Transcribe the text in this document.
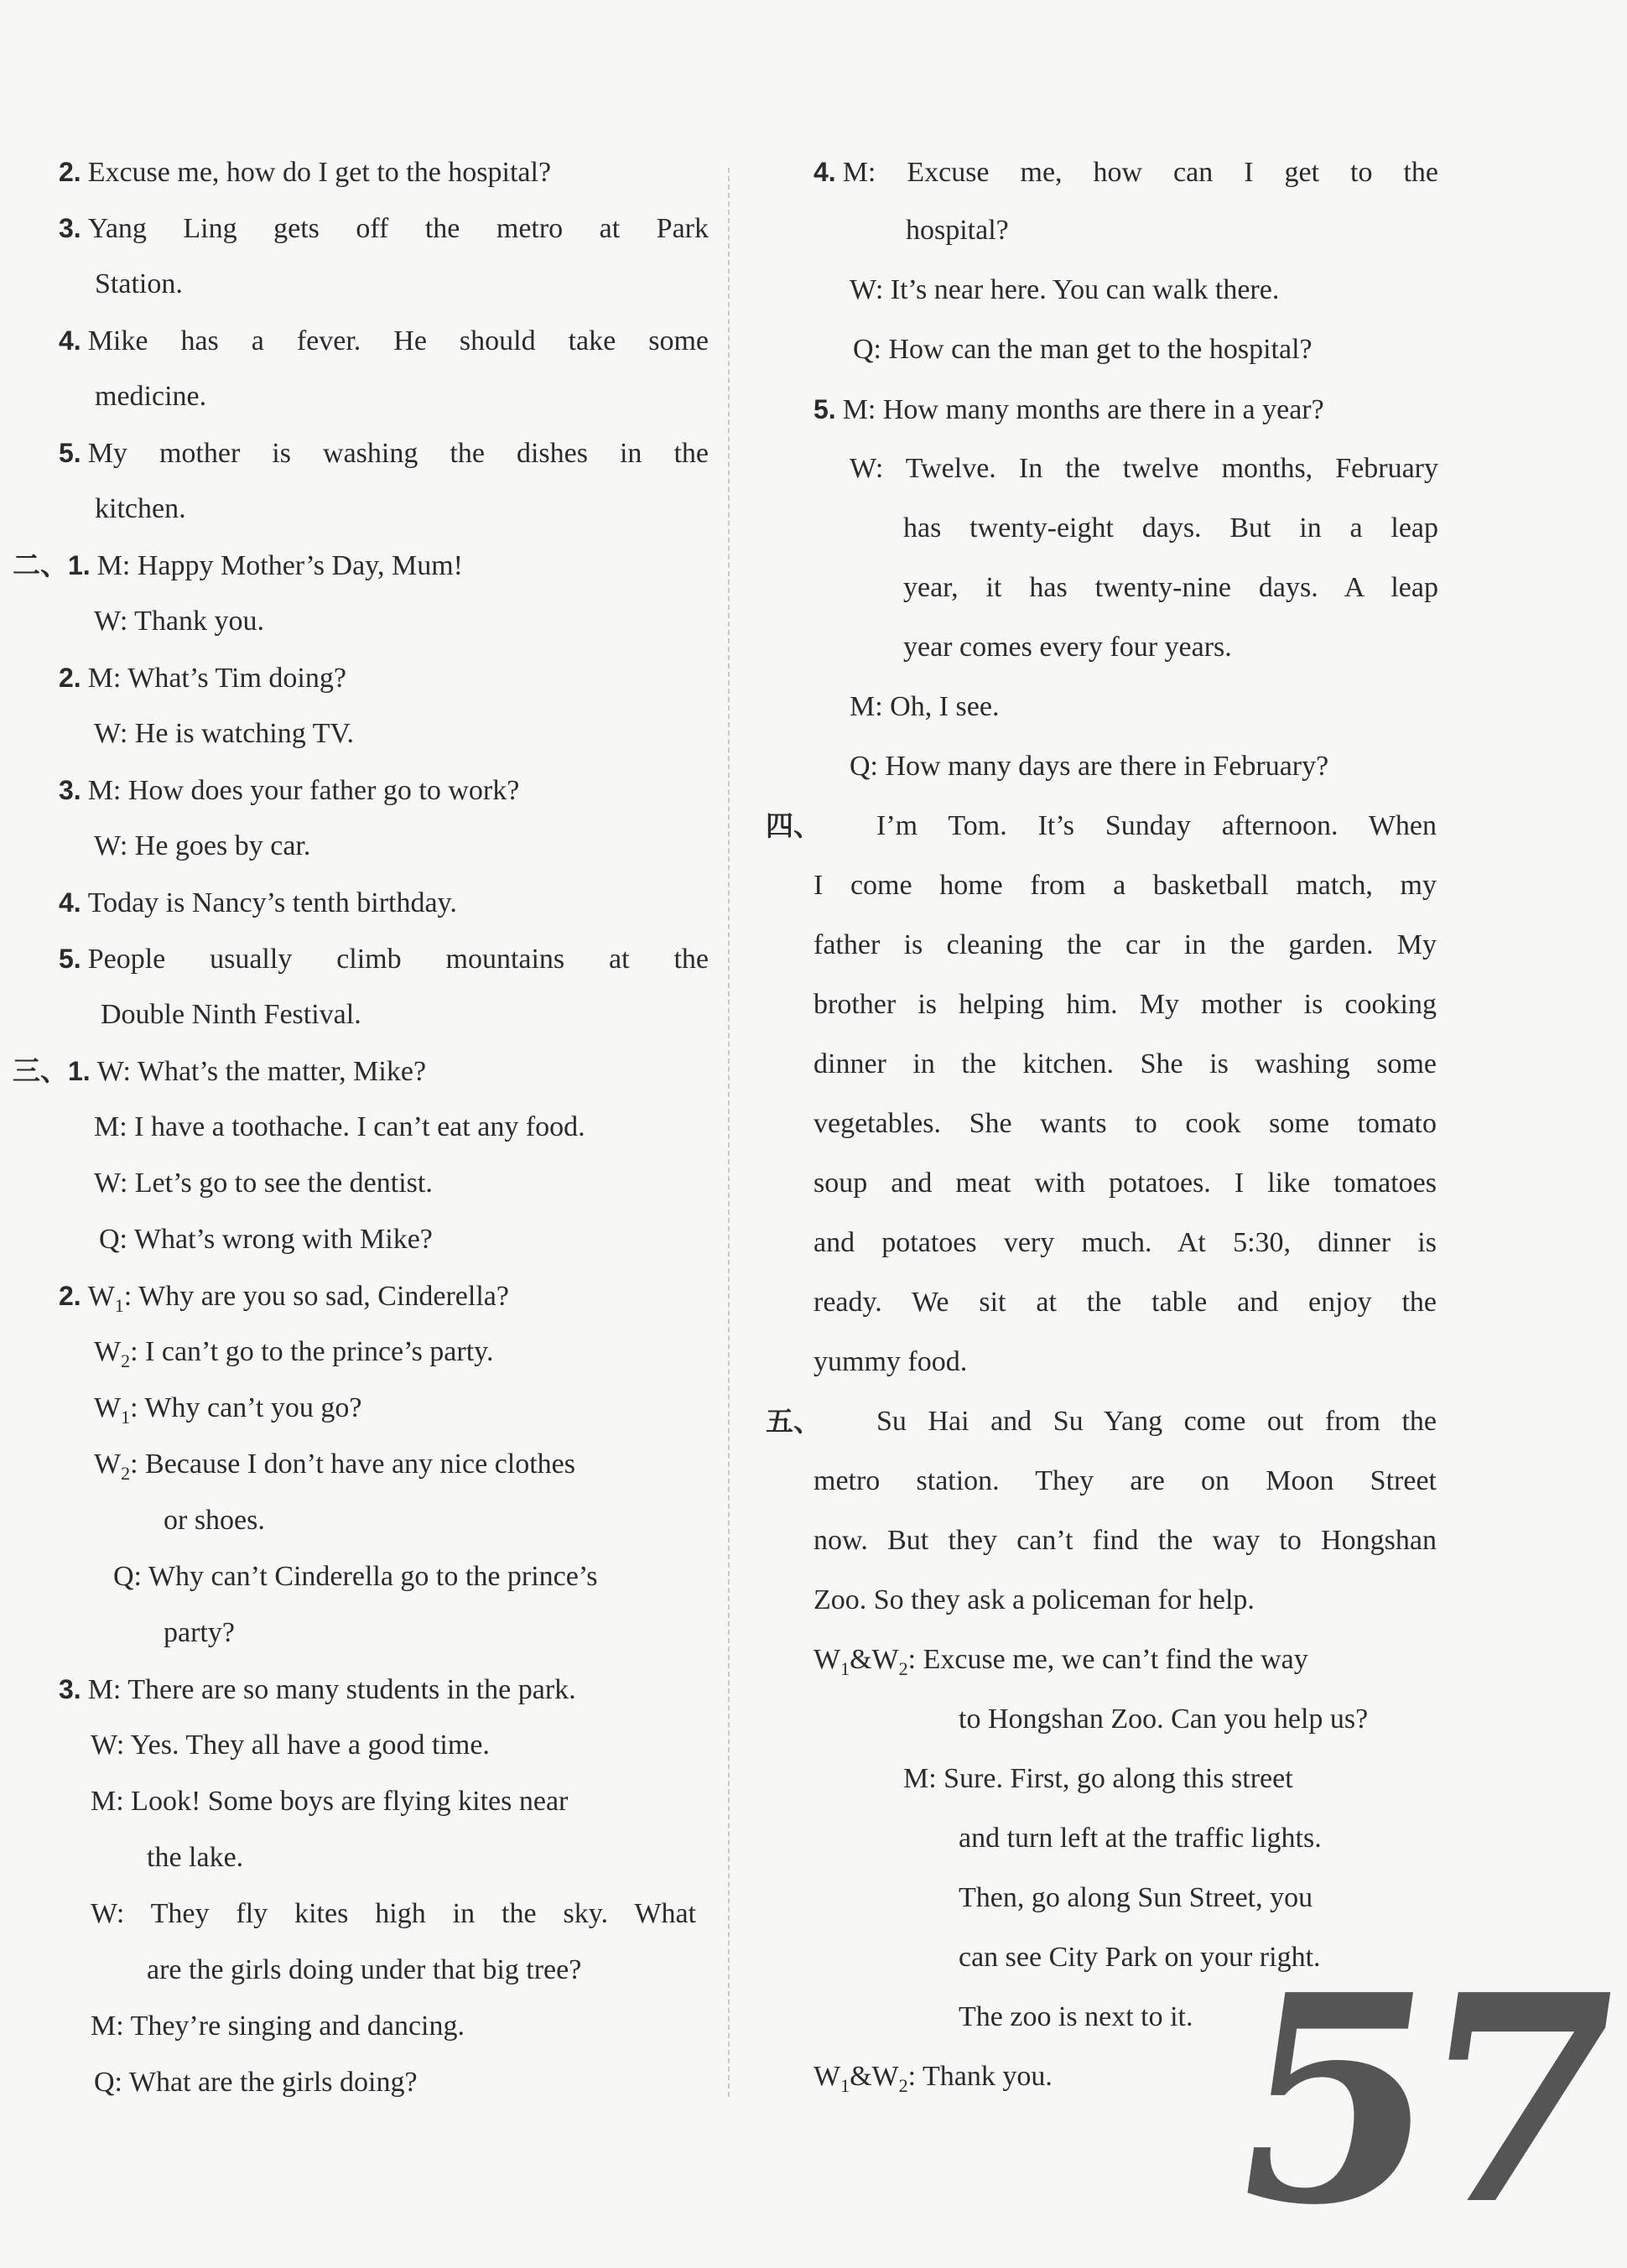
2. Excuse me, how do I get to the hospital?
3. Yang Ling gets off the metro at Park
Station.
4. Mike has a fever. He should take some
medicine.
5. My mother is washing the dishes in the
kitchen.
二、1. M: Happy Mother’s Day, Mum!
W: Thank you.
2. M: What’s Tim doing?
W: He is watching TV.
3. M: How does your father go to work?
W: He goes by car.
4. Today is Nancy’s tenth birthday.
5. People usually climb mountains at the
Double Ninth Festival.
三、1. W: What’s the matter, Mike?
M: I have a toothache. I can’t eat any food.
W: Let’s go to see the dentist.
Q: What’s wrong with Mike?
2. $W_1$: Why are you so sad, Cinderella?
$W_2$: I can’t go to the prince’s party.
$W_1$: Why can’t you go?
$W_2$: Because I don’t have any nice clothes
or shoes.
Q: Why can’t Cinderella go to the prince’s
party?
3. M: There are so many students in the park.
W: Yes. They all have a good time.
M: Look! Some boys are flying kites near
the lake.
W: They fly kites high in the sky. What
are the girls doing under that big tree?
M: They’re singing and dancing.
Q: What are the girls doing?
4. M: Excuse me, how can I get to the
hospital?
W: It’s near here. You can walk there.
Q: How can the man get to the hospital?
5. M: How many months are there in a year?
W: Twelve. In the twelve months, February
has twenty-eight days. But in a leap
year, it has twenty-nine days. A leap
year comes every four years.
M: Oh, I see.
Q: How many days are there in February?
四、 I’m Tom. It’s Sunday afternoon. When
I come home from a basketball match, my
father is cleaning the car in the garden. My
brother is helping him. My mother is cooking
dinner in the kitchen. She is washing some
vegetables. She wants to cook some tomato
soup and meat with potatoes. I like tomatoes
and potatoes very much. At 5:30, dinner is
ready. We sit at the table and enjoy the
yummy food.
五、 Su Hai and Su Yang come out from the
metro station. They are on Moon Street
now. But they can’t find the way to Hongshan
Zoo. So they ask a policeman for help.
$W_1\&W_2$: Excuse me, we can’t find the way
to Hongshan Zoo. Can you help us?
M: Sure. First, go along this street
and turn left at the traffic lights.
Then, go along Sun Street, you
can see City Park on your right.
The zoo is next to it.
$W_1\&W_2$: Thank you. 57
